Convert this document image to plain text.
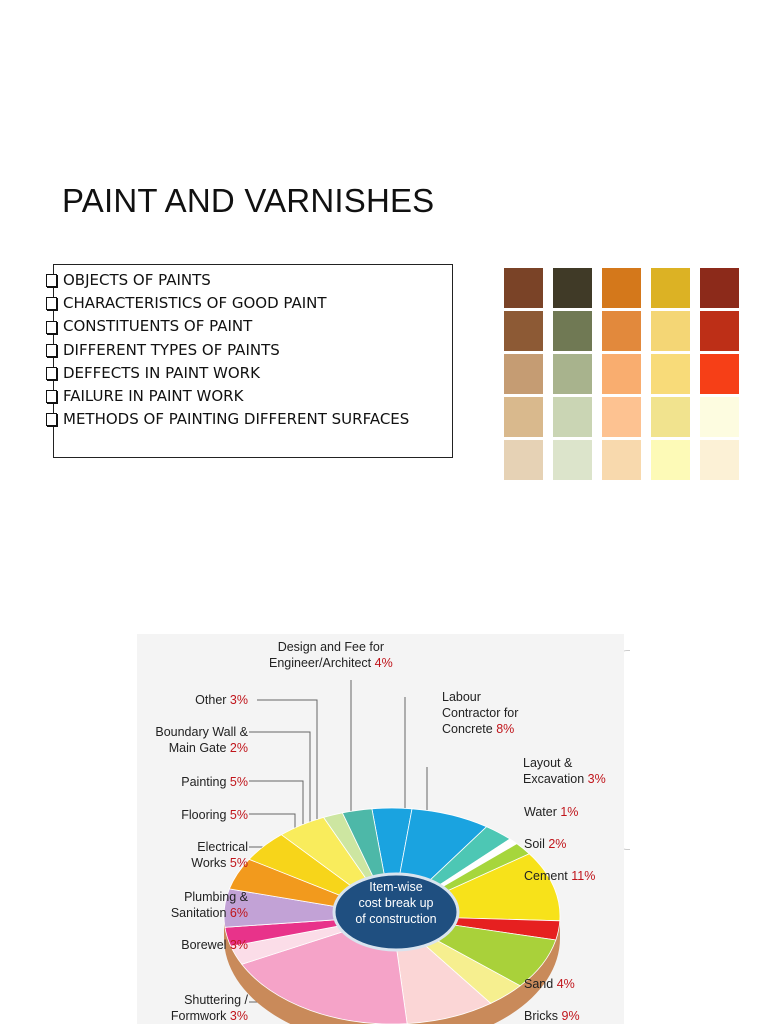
PAINT AND VARNISHES
OBJECTS OF PAINTS
CHARACTERISTICS OF GOOD PAINT
CONSTITUENTS OF PAINT
DIFFERENT TYPES OF PAINTS
DEFFECTS IN PAINT WORK
FAILURE IN PAINT WORK
METHODS OF PAINTING DIFFERENT SURFACES
Item-wise
cost break up
of construction
Design and Fee for
Engineer/Architect 4%
Labour
Contractor for
Concrete 8%
Layout &
Excavation 3%
Water 1%
Soil 2%
Cement 11%
Sand 4%
Bricks 9%
Other 3%
Boundary Wall &
Main Gate 2%
Painting 5%
Flooring 5%
Electrical
Works 5%
Plumbing &
Sanitation 6%
Borewel 3%
Shuttering /
Formwork 3%
